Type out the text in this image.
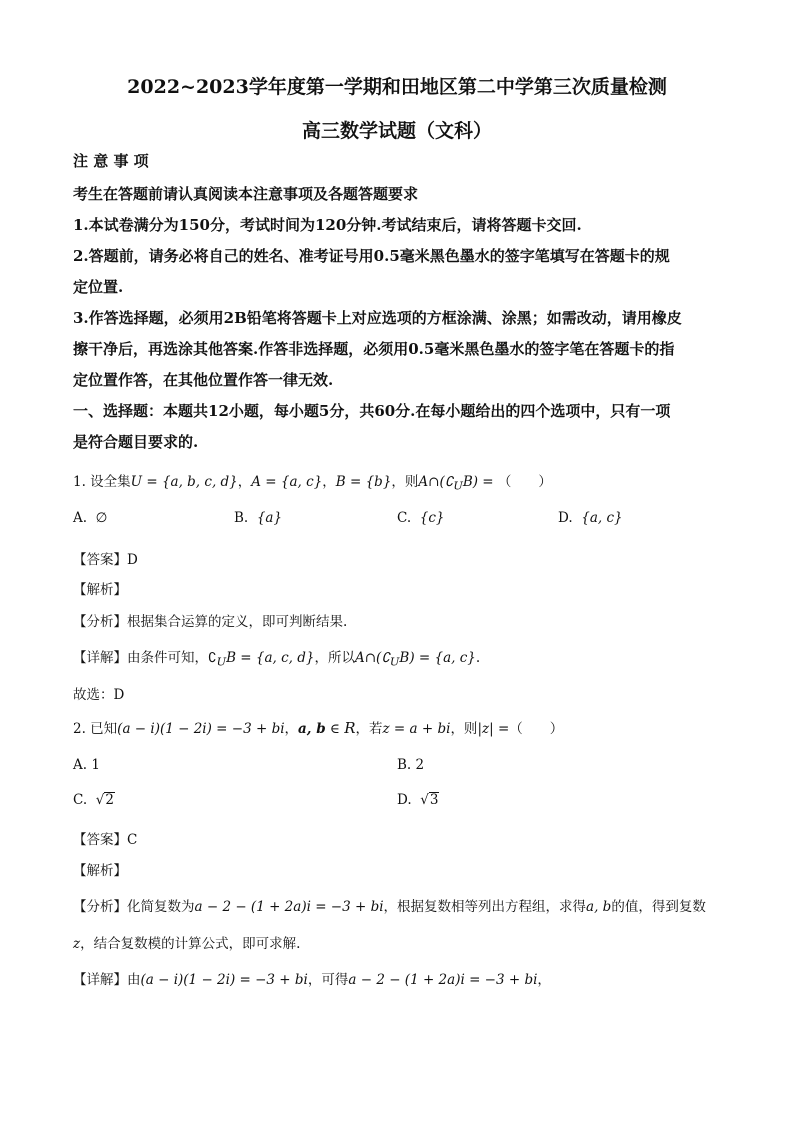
2022~2023学年度第一学期和田地区第二中学第三次质量检测
高三数学试题（文科）
注 意 事 项
考生在答题前请认真阅读本注意事项及各题答题要求
1.本试卷满分为150分，考试时间为120分钟.考试结束后，请将答题卡交回.
2.答题前，请务必将自己的姓名、准考证号用0.5毫米黑色墨水的签字笔填写在答题卡的规
定位置.
3.作答选择题，必须用2B铅笔将答题卡上对应选项的方框涂满、涂黑；如需改动，请用橡皮
擦干净后，再选涂其他答案.作答非选择题，必须用0.5毫米黑色墨水的签字笔在答题卡的指
定位置作答，在其他位置作答一律无效.
一、选择题：本题共12小题，每小题5分，共60分.在每小题给出的四个选项中，只有一项
是符合题目要求的.
1. 设全集U = {a, b, c, d}，A = {a, c}，B = {b}，则$A\cap(∁_UB)$ = （　　）
A. ∅	B. {a}	C. {c}	D. {a, c}
【答案】D
【解析】
【分析】根据集合运算的定义，即可判断结果.
【详解】由条件可知，$∁_UB = \{a$, c, d}，所以$A\cap(∁_UB) = \{a$, c}.
故选：D
2. 已知(a − i)(1 − 2i) = −3 + bi，a, b ∈ R，若z = a + bi，则|z| =（　　）
A. 1	B. 2
C. √2	D. √3
【答案】C
【解析】
【分析】化简复数为a − 2 − (1 + 2a)i = −3 + bi，根据复数相等列出方程组，求得a, b的值，得到复数
z，结合复数模的计算公式，即可求解.
【详解】由(a − i)(1 − 2i) = −3 + bi，可得a − 2 − (1 + 2a)i = −3 + bi，
